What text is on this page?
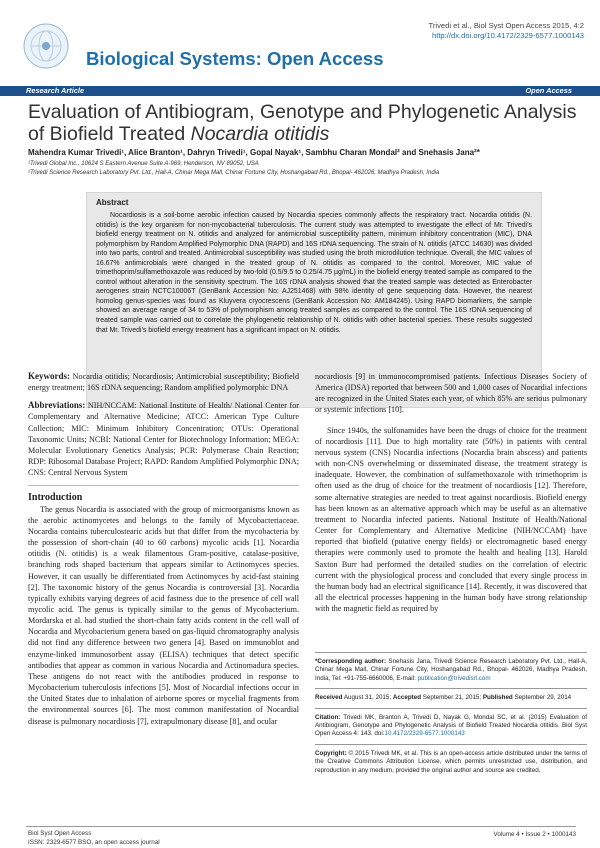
Biological Systems: Open Access
Trivedi et al., Biol Syst Open Access 2015, 4:2
http://dx.doi.org/10.4172/2329-6577.1000143
Research Article	Open Access
Evaluation of Antibiogram, Genotype and Phylogenetic Analysis of Biofield Treated Nocardia otitidis
Mahendra Kumar Trivedi¹, Alice Branton¹, Dahryn Trivedi¹, Gopal Nayak¹, Sambhu Charan Mondal² and Snehasis Jana²*
¹Trivedi Global Inc., 10624 S Eastern Avenue Suite A-969, Henderson, NV 89052, USA
²Trivedi Science Research Laboratory Pvt. Ltd., Hall-A, Chinar Mega Mall, Chinar Fortune City, Hoshangabad Rd., Bhopal- 462026, Madhya Pradesh, India
Abstract
Nocardiosis is a soil-borne aerobic infection caused by Nocardia species commonly affects the respiratory tract. Nocardia otitidis (N. otitidis) is the key organism for non-mycobacterial tuberculosis. The current study was attempted to investigate the effect of Mr. Trivedi’s biofield energy treatment on N. otitidis and analyzed for antimicrobial susceptibility pattern, minimum inhibitory concentration (MIC), DNA polymorphism by Random Amplified Polymorphic DNA (RAPD) and 16S rDNA sequencing. The strain of N. otitidis (ATCC 14630) was divided into two parts, control and treated. Antimicrobial susceptibility was studied using the broth microdilution technique. Overall, the MIC values of 16.67% antimicrobials were changed in the treated group of N. otitidis as compared to the control. Moreover, MIC value of trimethoprim/sulfamethoxazole was reduced by two-fold (0.5/9.5 to 0.25/4.75 µg/mL) in the biofield energy treated sample as compared to the control without alteration in the sensitivity spectrum. The 16S rDNA analysis showed that the treated sample was detected as Enterobacter aerogenes strain NCTC10006T (GenBank Accession No: AJ251468) with 98% identity of gene sequencing data. However, the nearest homolog genus-species was found as Kluyvera cryocrescens (GenBank Accession No: AM184245). Using RAPD biomarkers, the sample showed an average range of 34 to 53% of polymorphism among treated samples as compared to the control. The 16S rDNA sequencing of treated sample was carried out to correlate the phylogenetic relationship of N. otitidis with other bacterial species. These results suggested that Mr. Trivedi’s biofield energy treatment has a significant impact on N. otitidis.

Keywords: Nocardia otitidis; Nocardiosis; Antimicrobial susceptibility; Biofield energy treatment; 16S rDNA sequencing; Random amplified polymorphic DNA

Abbreviations: NIH/NCCAM: National Institute of Health/ National Center for Complementary and Alternative Medicine; ATCC: American Type Culture Collection; MIC: Minimum Inhibitory Concentration; OTUs: Operational Taxonomic Units; NCBI: National Center for Biotechnology Information; MEGA: Molecular Evolutionary Genetics Analysis; PCR: Polymerase Chain Reaction; RDP: Ribosomal Database Project; RAPD: Random Amplified Polymorphic DNA; CNS: Central Nervous System

Introduction

The genus Nocardia is associated with the group of microorganisms known as the aerobic actinomycetes and belongs to the family of Mycobacteriaceae. Nocardia contains tuberculostearic acids but that differ from the mycobacteria by the possession of short-chain (40 to 60 carbons) mycolic acids [1]. Nocardia otitidis (N. otitidis) is a weak filamentous Gram-positive, catalase-positive, branching rods shaped bacterium that appears similar to Actinomyces species. However, it can usually be differentiated from Actinomyces by acid-fast staining [2]. The taxonomic history of the genus Nocardia is controversial [3]. Nocardia typically exhibits varying degrees of acid fastness due to the presence of cell wall mycolic acid. The genus is typically similar to the genus of Mycobacterium. Mordarska et al. had studied the short-chain fatty acids content in the cell wall of Nocardia and Mycobacterium genera based on gas-liquid chromatography analysis did not find any difference between two genera [4]. Based on immunoblot and enzyme-linked immunosorbent assay (ELISA) techniques that detect specific antibodies that appear as common in various Nocardia and Actinomadura species. These antigens do not react with the antibodies produced in response to Mycobacterium tuberculosis infections [5]. Most of Nocardial infections occur in the United States due to inhalation of airborne spores or mycelial fragments from the environmental sources [6]. The most common manifestation of Nocardial disease is pulmonary nocardiosis [7], extrapulmonary disease [8], and ocular

nocardiosis [9] in immunocompromised patients. Infectious Diseases Society of America (IDSA) reported that between 500 and 1,000 cases of Nocardial infections are recognized in the United States each year, of which 85% are serious pulmonary or systemic infections [10].

Since 1940s, the sulfonamides have been the drugs of choice for the treatment of nocardiosis [11]. Due to high mortality rate (50%) in patients with central nervous system (CNS) Nocardia infections (Nocardia brain abscess) and patients with non-CNS overwhelming or disseminated disease, the treatment strategy is inadequate. However, the combination of sulfamethoxazole with trimethoprim is often used as the drug of choice for the treatment of nocardiosis [12]. Therefore, some alternative strategies are needed to treat against nocardiosis. Biofield energy has been known as an alternative approach which may be useful as an alternative treatment to Nocardia infected patients. National Institute of Health/National Center for Complementary and Alternative Medicine (NIH/NCCAM) have reported that biofield (putative energy fields) or electromagnetic based energy therapies were commonly used to promote the health and healing [13]. Harold Saxton Burr had performed the detailed studies on the correlation of electric current with the physiological process and concluded that every single process in the human body had an electrical significance [14]. Recently, it was discovered that all the electrical processes happening in the human body have strong relationship with the magnetic field as required by

*Corresponding author: Snehasis Jana, Trivedi Science Research Laboratory Pvt. Ltd., Hall-A, Chinar Mega Mall, Chinar Fortune City, Hoshangabad Rd., Bhopal- 462026, Madhya Pradesh, India, Tel: +91-755-6660006, E-mail: publication@trivedisrl.com

Received August 31, 2015; Accepted September 21, 2015; Published September 29, 2014

Citation: Trivedi MK, Branton A, Trivedi D, Nayak G, Mondal SC, et al. (2015) Evaluation of Antibiogram, Genotype and Phylogenetic Analysis of Biofield Treated Nocardia otitidis. Biol Syst Open Access 4: 143. doi:10.4172/2329-6577.1000143

Copyright: © 2015 Trivedi MK, et al. This is an open-access article distributed under the terms of the Creative Commons Attribution License, which permits unrestricted use, distribution, and reproduction in any medium, provided the original author and source are credited.

Biol Syst Open Access
ISSN: 2329-6577 BSO, an open access journal
Volume 4 • Issue 2 • 1000143
